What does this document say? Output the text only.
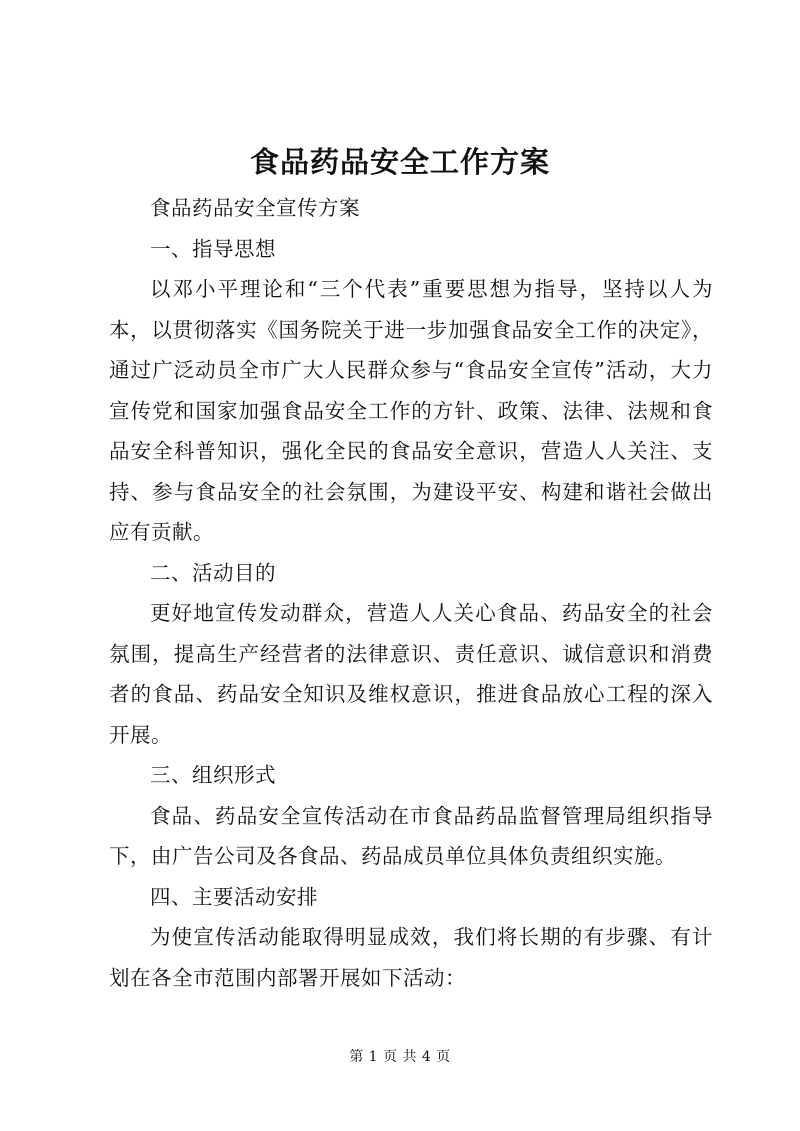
食品药品安全工作方案

食品药品安全宣传方案

一、指导思想

以邓小平理论和“三个代表”重要思想为指导，坚持以人为本，以贯彻落实《国务院关于进一步加强食品安全工作的决定》，通过广泛动员全市广大人民群众参与“食品安全宣传”活动，大力宣传党和国家加强食品安全工作的方针、政策、法律、法规和食品安全科普知识，强化全民的食品安全意识，营造人人关注、支持、参与食品安全的社会氛围，为建设平安、构建和谐社会做出应有贡献。

二、活动目的

更好地宣传发动群众，营造人人关心食品、药品安全的社会氛围，提高生产经营者的法律意识、责任意识、诚信意识和消费者的食品、药品安全知识及维权意识，推进食品放心工程的深入开展。

三、组织形式

食品、药品安全宣传活动在市食品药品监督管理局组织指导下，由广告公司及各食品、药品成员单位具体负责组织实施。

四、主要活动安排

为使宣传活动能取得明显成效，我们将长期的有步骤、有计划在各全市范围内部署开展如下活动：

第 1 页 共 4 页
